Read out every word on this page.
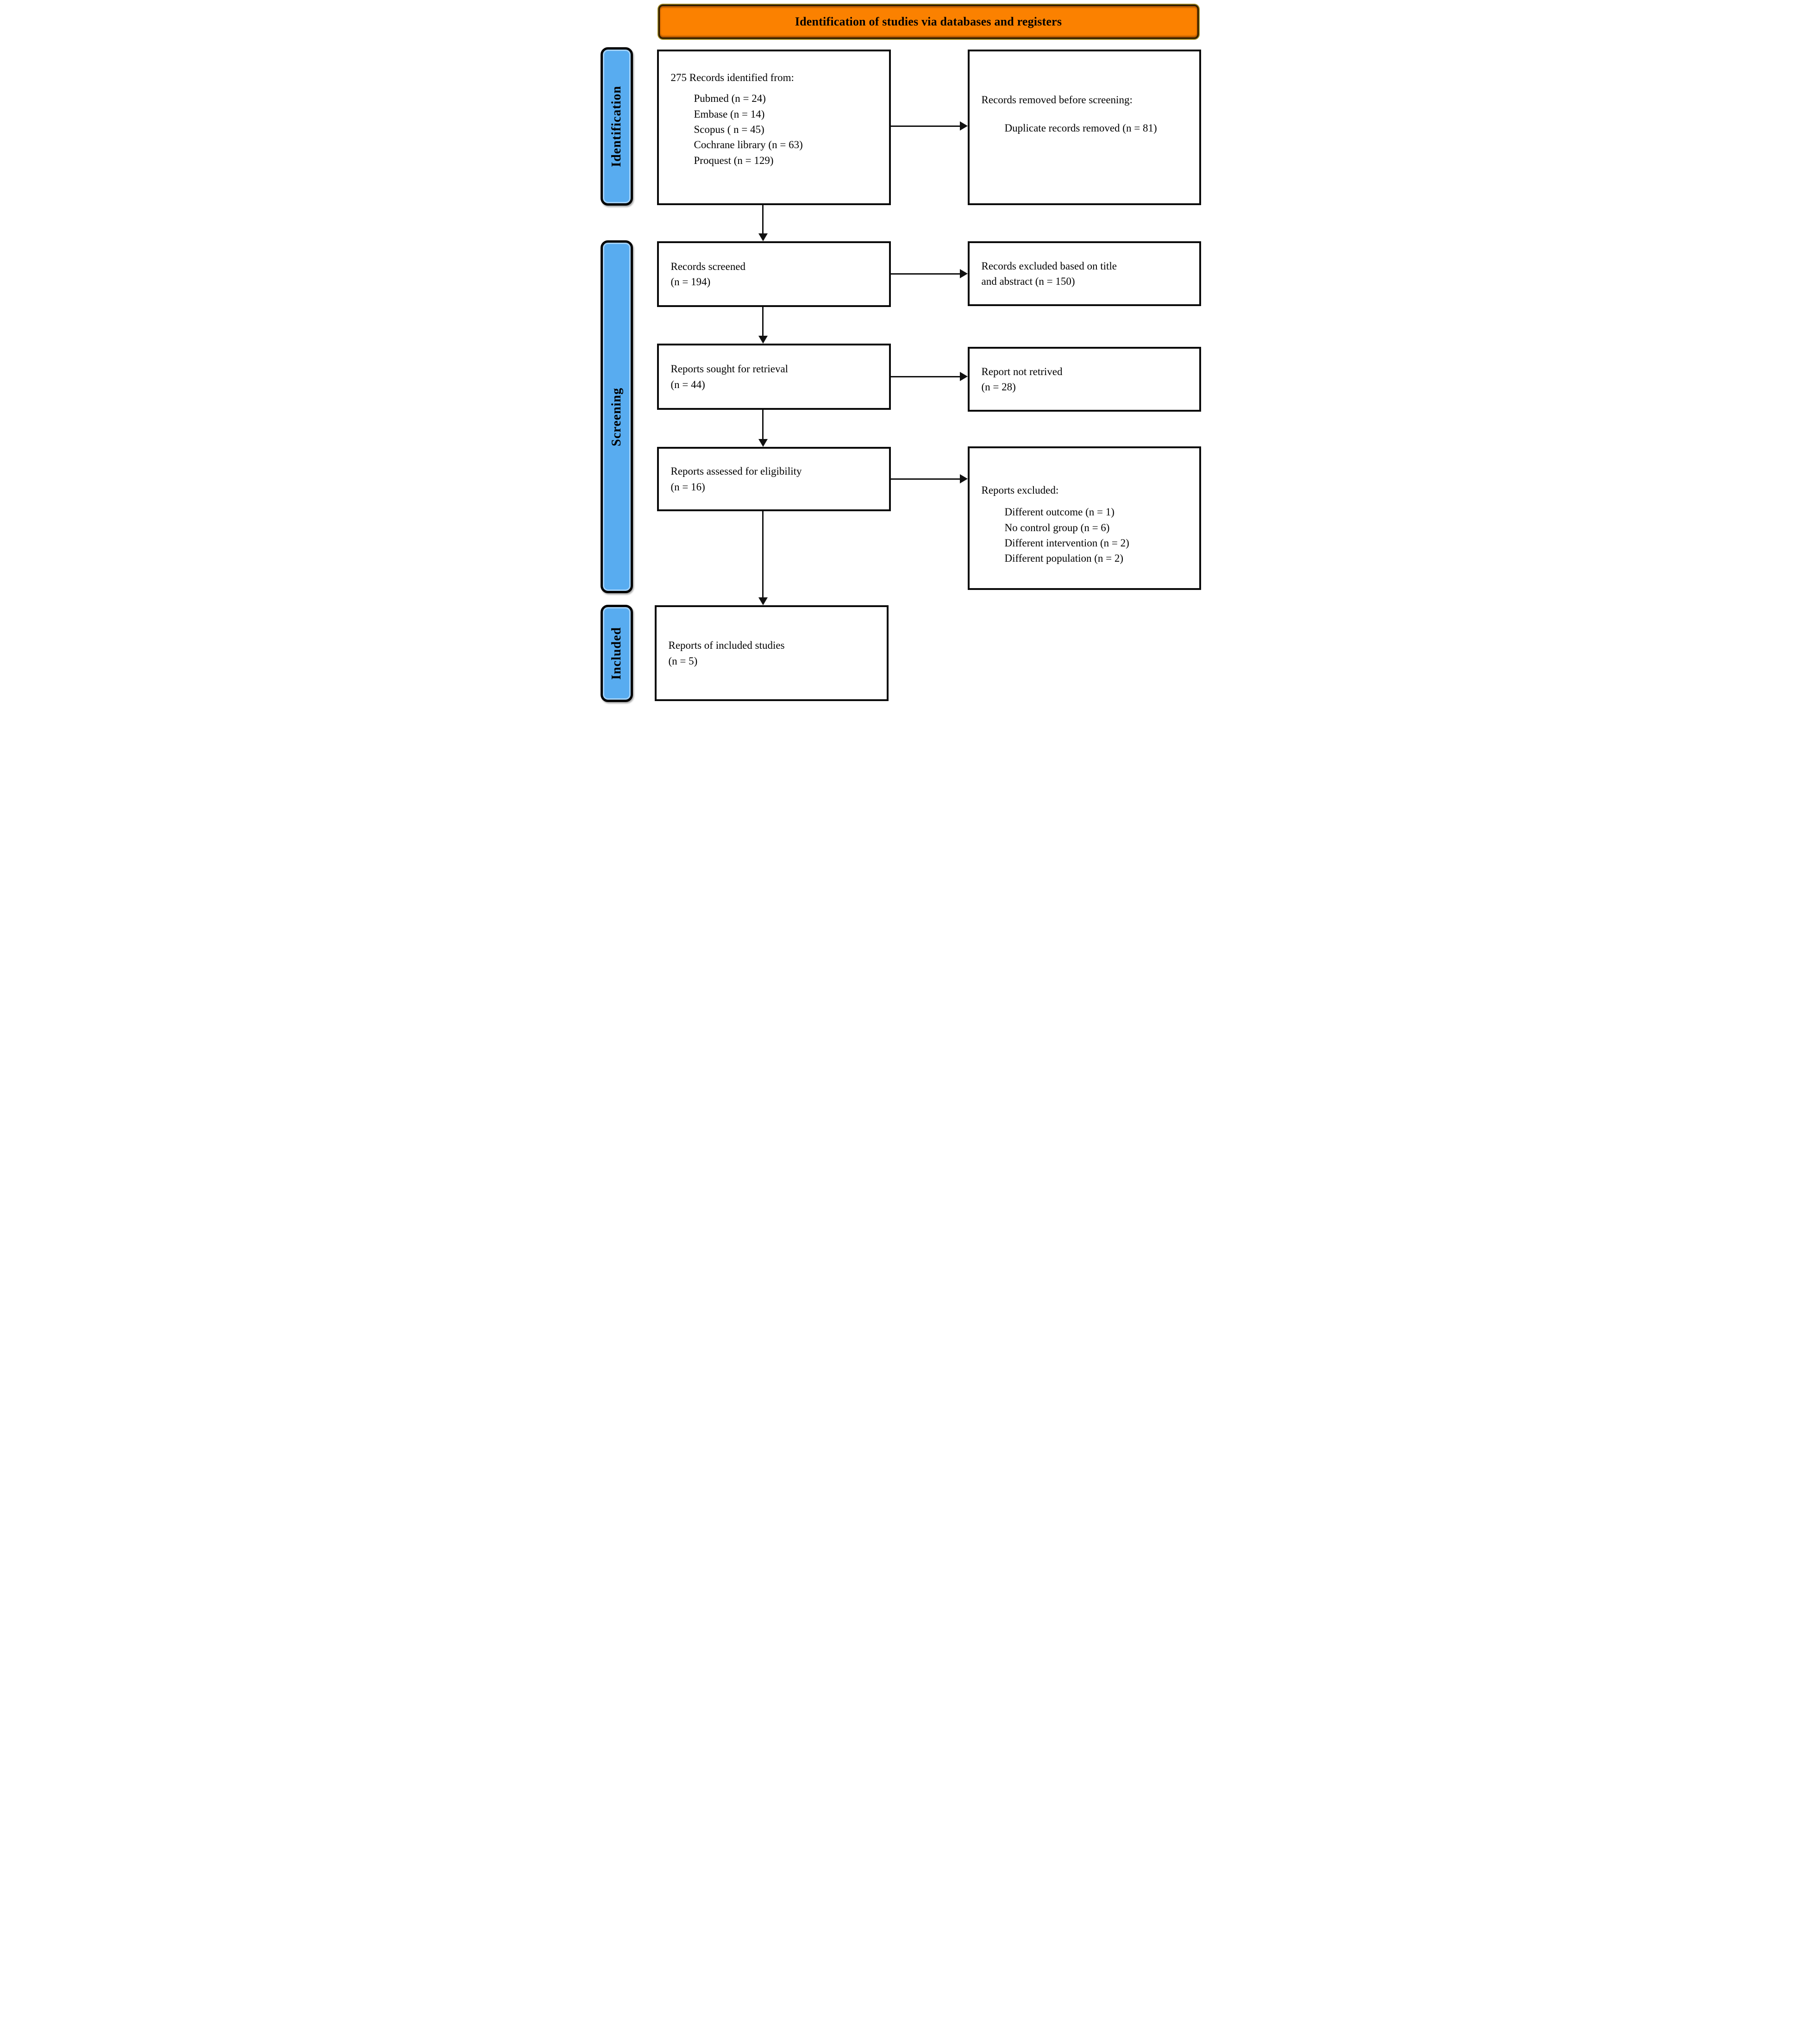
Identification of studies via databases and registers
Identification
Screening
Included
275 Records identified from:
Pubmed (n = 24)
Embase (n = 14)
Scopus ( n = 45)
Cochrane library (n = 63)
Proquest (n = 129)
Records removed before screening:
Duplicate records removed (n = 81)
Records screened
(n = 194)
Records excluded based on title
and abstract (n = 150)
Reports sought for retrieval
(n = 44)
Report not retrived
(n = 28)
Reports assessed for eligibility
(n = 16)	Reports excluded:
Different outcome (n = 1)
No control group (n = 6)
Different intervention (n = 2)
Different population (n = 2)
Reports of included studies
(n = 5)
